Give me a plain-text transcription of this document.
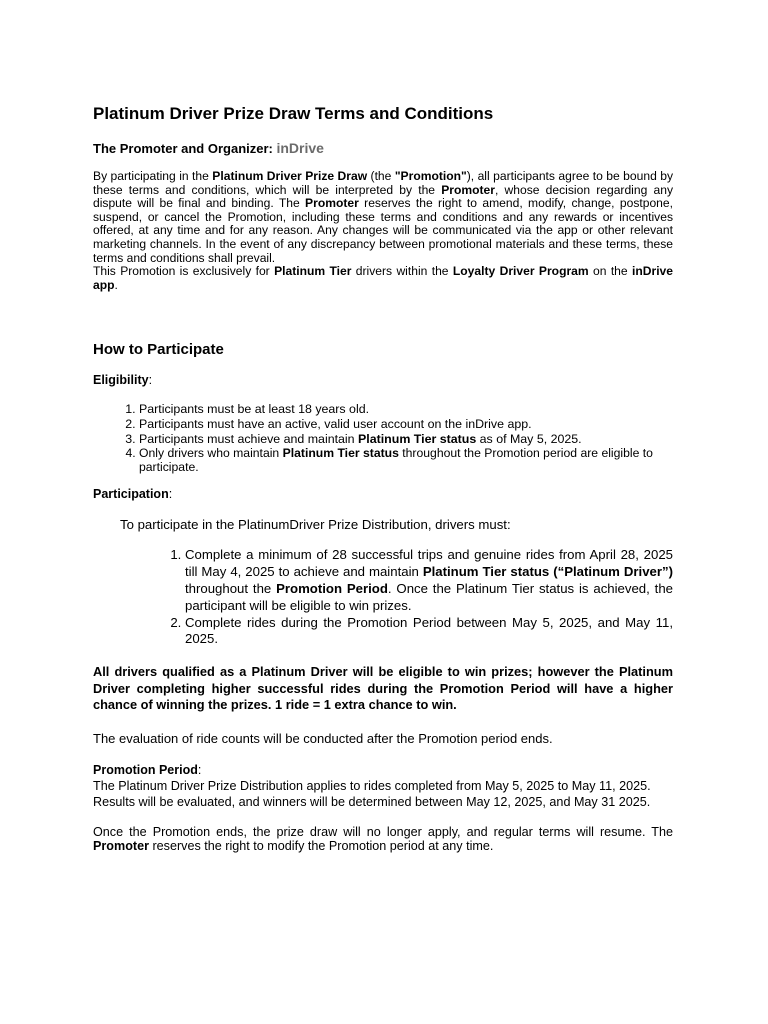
Platinum Driver Prize Draw Terms and Conditions
The Promoter and Organizer: inDrive

By participating in the Platinum Driver Prize Draw (the "Promotion"), all participants agree to be bound by these terms and conditions, which will be interpreted by the Promoter, whose decision regarding any dispute will be final and binding. The Promoter reserves the right to amend, modify, change, postpone, suspend, or cancel the Promotion, including these terms and conditions and any rewards or incentives offered, at any time and for any reason. Any changes will be communicated via the app or other relevant marketing channels. In the event of any discrepancy between promotional materials and these terms, these terms and conditions shall prevail.

This Promotion is exclusively for Platinum Tier drivers within the Loyalty Driver Program on the inDrive app.

How to Participate
Eligibility:
1. Participants must be at least 18 years old.
2. Participants must have an active, valid user account on the inDrive app.
3. Participants must achieve and maintain Platinum Tier status as of May 5, 2025.
4. Only drivers who maintain Platinum Tier status throughout the Promotion period are eligible to participate.
Participation:
To participate in the PlatinumDriver Prize Distribution, drivers must:
1. Complete a minimum of 28 successful trips and genuine rides from April 28, 2025 till May 4, 2025 to achieve and maintain Platinum Tier status (“Platinum Driver”) throughout the Promotion Period. Once the Platinum Tier status is achieved, the participant will be eligible to win prizes.
2. Complete rides during the Promotion Period between May 5, 2025, and May 11, 2025.
All drivers qualified as a Platinum Driver will be eligible to win prizes; however the Platinum Driver completing higher successful rides during the Promotion Period will have a higher chance of winning the prizes. 1 ride = 1 extra chance to win.
The evaluation of ride counts will be conducted after the Promotion period ends.
Promotion Period:
The Platinum Driver Prize Distribution applies to rides completed from May 5, 2025 to May 11, 2025.
Results will be evaluated, and winners will be determined between May 12, 2025, and May 31 2025.

Once the Promotion ends, the prize draw will no longer apply, and regular terms will resume. The Promoter reserves the right to modify the Promotion period at any time.
